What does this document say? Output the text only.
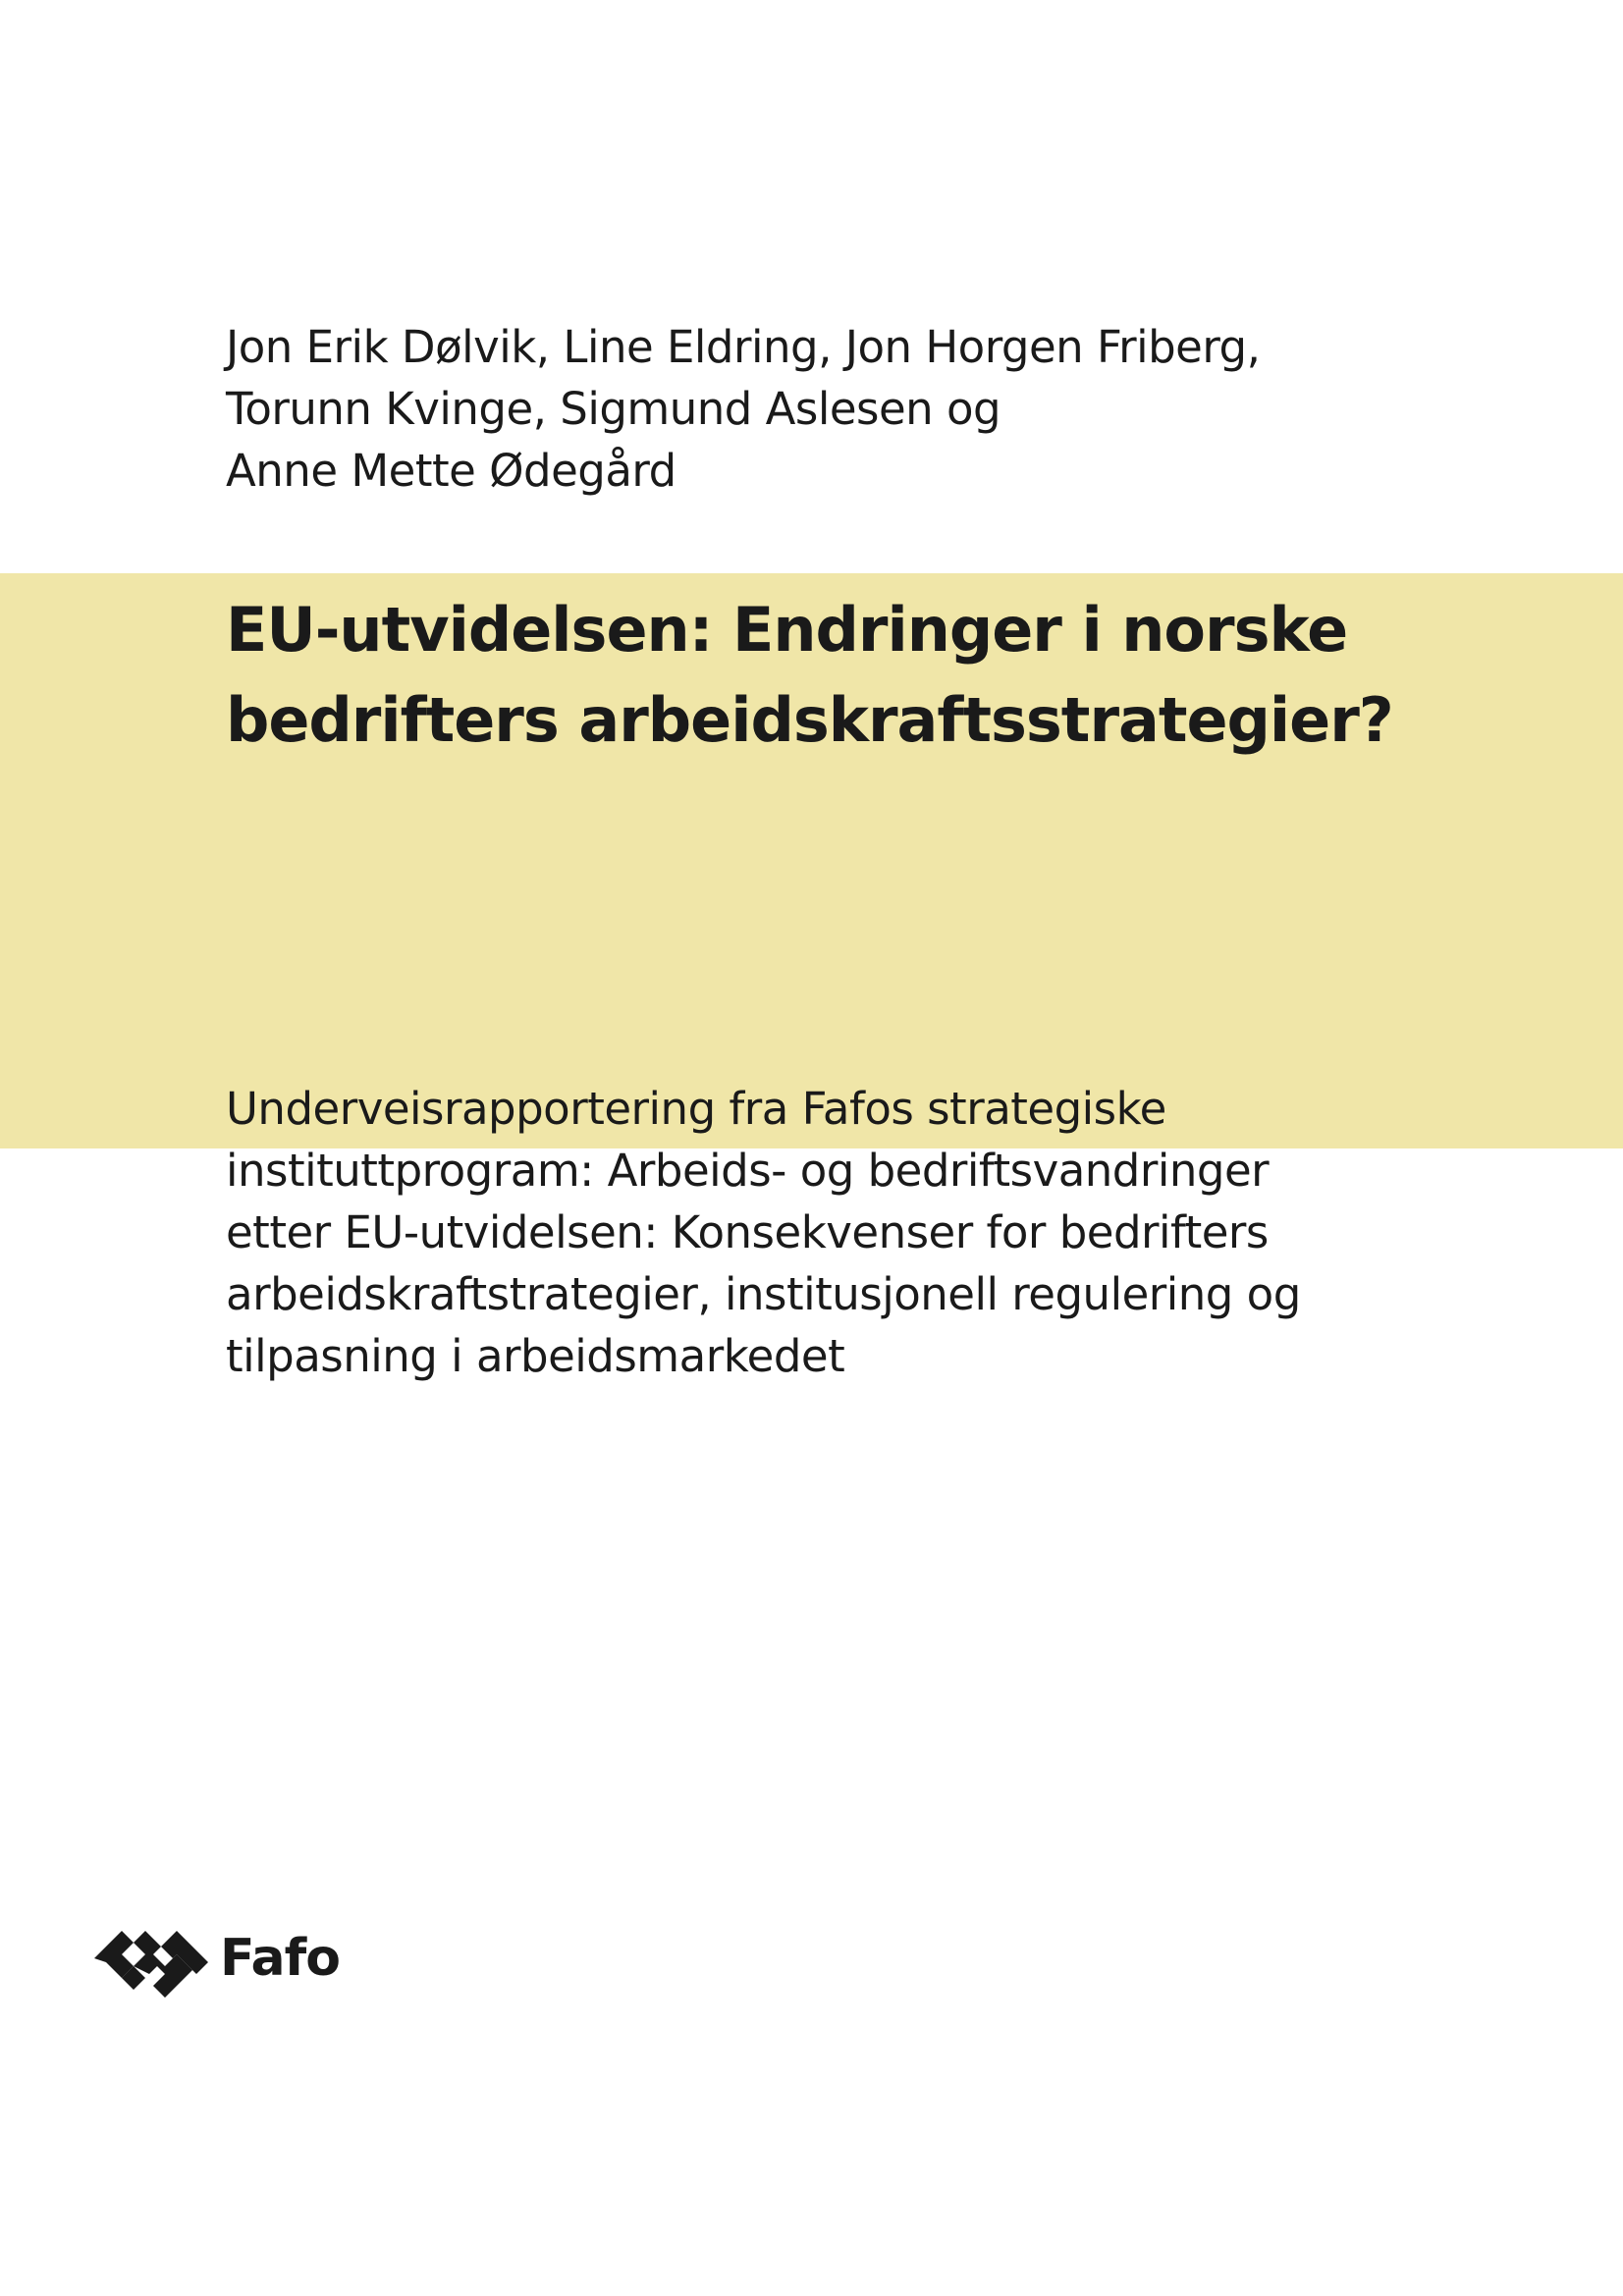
Jon Erik Dølvik, Line Eldring, Jon Horgen Friberg,
Torunn Kvinge, Sigmund Aslesen og
Anne Mette Ødegård
EU-utvidelsen: Endringer i norske
bedrifters arbeidskraftsstrategier?
Underveisrapportering fra Fafos strategiske
instituttprogram: Arbeids- og bedriftsvandringer
etter EU-utvidelsen: Konsekvenser for bedrifters
arbeidskraftstrategier, institusjonell regulering og
tilpasning i arbeidsmarkedet
Fafo
